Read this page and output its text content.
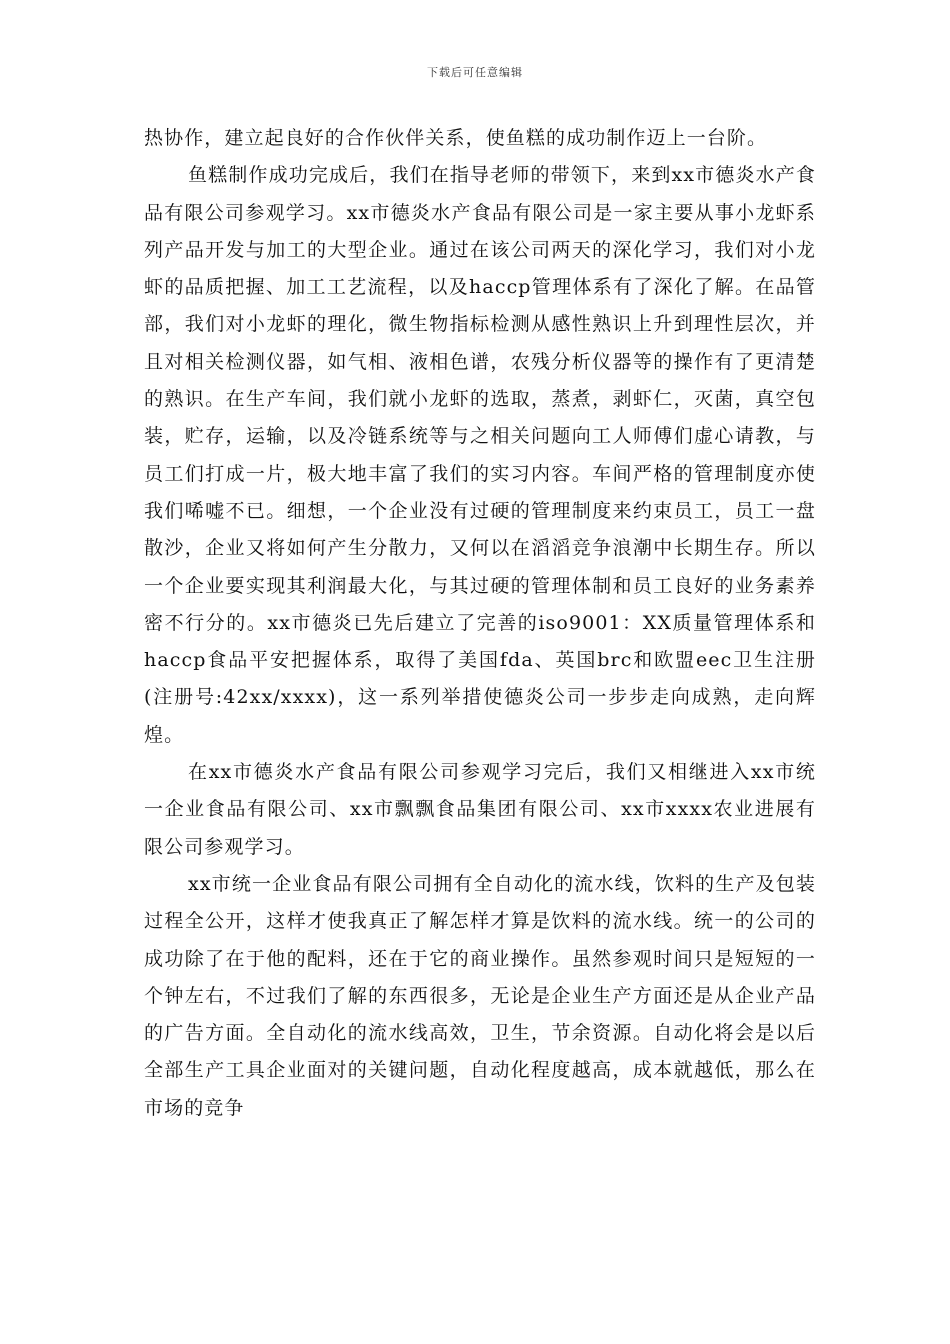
下载后可任意编辑

热协作，建立起良好的合作伙伴关系，使鱼糕的成功制作迈上一台阶。

鱼糕制作成功完成后，我们在指导老师的带领下，来到xx市德炎水产食品有限公司参观学习。xx市德炎水产食品有限公司是一家主要从事小龙虾系列产品开发与加工的大型企业。通过在该公司两天的深化学习，我们对小龙虾的品质把握、加工工艺流程，以及haccp管理体系有了深化了解。在品管部，我们对小龙虾的理化，微生物指标检测从感性熟识上升到理性层次，并且对相关检测仪器，如气相、液相色谱，农残分析仪器等的操作有了更清楚的熟识。在生产车间，我们就小龙虾的选取，蒸煮，剥虾仁，灭菌，真空包装，贮存，运输，以及冷链系统等与之相关问题向工人师傅们虚心请教，与员工们打成一片，极大地丰富了我们的实习内容。车间严格的管理制度亦使我们唏嘘不已。细想，一个企业没有过硬的管理制度来约束员工，员工一盘散沙，企业又将如何产生分散力，又何以在滔滔竞争浪潮中长期生存。所以一个企业要实现其利润最大化，与其过硬的管理体制和员工良好的业务素养密不行分的。xx市德炎已先后建立了完善的iso9001：XX质量管理体系和haccp食品平安把握体系，取得了美国fda、英国brc和欧盟eec卫生注册(注册号:42xx/xxxx)，这一系列举措使德炎公司一步步走向成熟，走向辉煌。

在xx市德炎水产食品有限公司参观学习完后，我们又相继进入xx市统一企业食品有限公司、xx市飘飘食品集团有限公司、xx市xxxx农业进展有限公司参观学习。

xx市统一企业食品有限公司拥有全自动化的流水线，饮料的生产及包装过程全公开，这样才使我真正了解怎样才算是饮料的流水线。统一的公司的成功除了在于他的配料，还在于它的商业操作。虽然参观时间只是短短的一个钟左右，不过我们了解的东西很多，无论是企业生产方面还是从企业产品的广告方面。全自动化的流水线高效，卫生，节余资源。自动化将会是以后全部生产工具企业面对的关键问题，自动化程度越高，成本就越低，那么在市场的竞争
